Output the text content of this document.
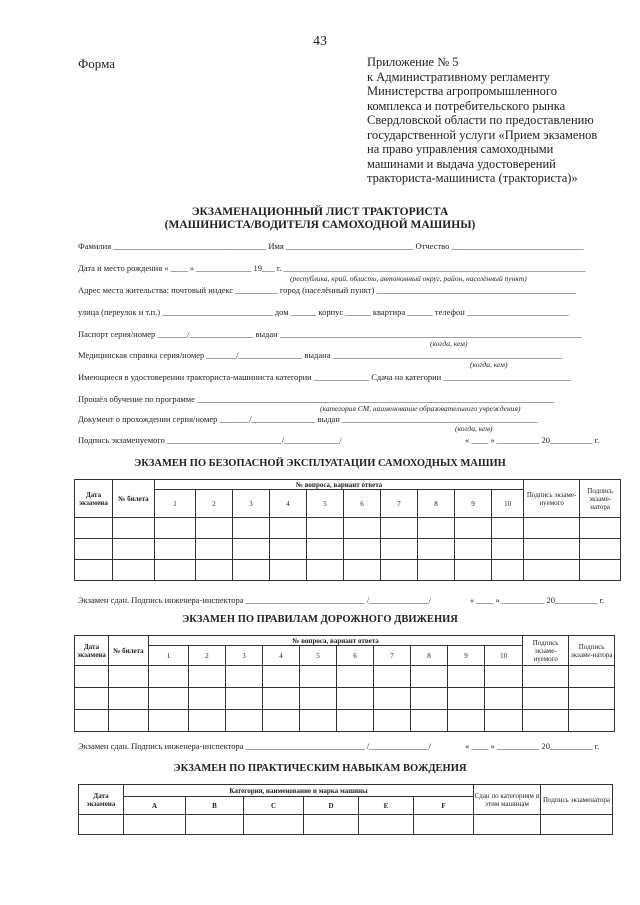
43
Форма	Приложение № 5
к Административному регламенту
Министерства агропромышленного
комплекса и потребительского рынка
Свердловской области по предоставлению
государственной услуги «Прием экзаменов
на право управления самоходными
машинами и выдача удостоверений
тракториста-машиниста (тракториста)»
ЭКЗАМЕНАЦИОННЫЙ ЛИСТ ТРАКТОРИСТА
(МАШИНИСТА/ВОДИТЕЛЯ САМОХОДНОЙ МАШИНЫ)
Фамилия ____________________________________ Имя ______________________________ Отчество _______________________________
Дата и место рождения « ____ » _____________ 19___ г. _______________________________________________________________________
(республика, край, область, автономный округ, район, населённый пункт)
Адрес места жительства: почтовый индекс __________ город (населённый пункт) _______________________________________________
улица (переулок и т.п.) __________________________ дом ______ корпус ______ квартира ______ телефон ________________________
Паспорт серия/номер _______/_______________ выдан _______________________________________________________________________
(когда, кем)
Медицинская справка серия/номер _______/_______________ выдана ______________________________________________________
(когда, кем)
Имеющиеся в удостоверении тракториста-машиниста категории _____________ Сдача на категории ______________________________
Прошёл обучение по программе ____________________________________________________________________________________
(категория СМ, наименование образовательного учреждения)
Документ о прохождении серия/номер _______/_______________ выдан ______________________________________________
(когда, кем)
Подпись экзаменуемого ___________________________/_____________/	« ____ » __________ 20__________ г.
ЭКЗАМЕН ПО БЕЗОПАСНОЙ ЭКСПЛУАТАЦИИ САМОХОДНЫХ МАШИН
Дата экзамена	№ билета	№ вопроса, вариант ответа										Подпись экзаме-нуемого	Подпись экзаме-натора
		1	2	3	4	5	6	7	8	9	10		

Экзамен сдан. Подпись инженера-инспектора ____________________________ /______________/	« ____ » __________ 20__________ г.
ЭКЗАМЕН ПО ПРАВИЛАМ ДОРОЖНОГО ДВИЖЕНИЯ
Дата экзамена	№ билета	№ вопроса, вариант ответа										Подпись экзаме-нуемого	Подпись экзаме-натора
		1	2	3	4	5	6	7	8	9	10		

Экзамен сдан. Подпись инженера-инспектора ____________________________ /______________/	« ____ » __________ 20__________ г.
ЭКЗАМЕН ПО ПРАКТИЧЕСКИМ НАВЫКАМ ВОЖДЕНИЯ
Дата экзамена	Категория, наименование и марка машины						Сдан по категориям и этим машинам	Подпись экзаменатора
	A	B	C	D	E	F		
